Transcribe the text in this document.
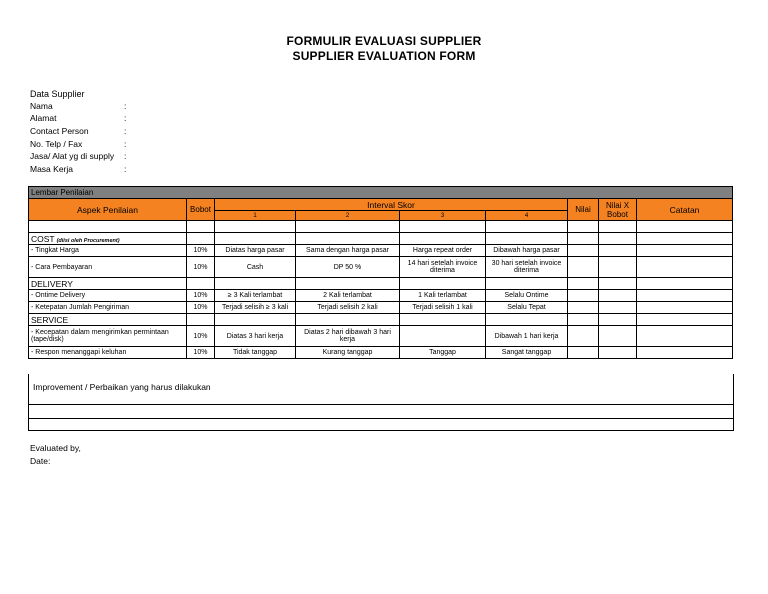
FORMULIR EVALUASI SUPPLIER
SUPPLIER EVALUATION FORM
Data Supplier
Nama	:
Alamat	:
Contact Person	:
No. Telp / Fax	:
Jasa/ Alat yg di supply :
Masa Kerja	:
Lembar Penilaian								
Aspek Penilaian	Bobot	Interval Skor				Nilai	Nilai X Bobot	Catatan
		1	2	3	4			

COST (diisi oleh Procurement)								
- Tingkat Harga	10%	Diatas harga pasar	Sama dengan harga pasar	Harga repeat order	Dibawah harga pasar			
- Cara Pembayaran	10%	Cash	DP 50 %	14 hari setelah invoice diterima	30 hari setelah invoice diterima			
DELIVERY								
- Ontime Delivery	10%	≥ 3 Kali terlambat	2 Kali terlambat	1 Kali terlambat	Selalu Ontime			
- Ketepatan Jumlah Pengiriman	10%	Terjadi selisih ≥ 3 kali	Terjadi selisih 2 kali	Terjadi selisih 1 kali	Selalu Tepat			
SERVICE								
- Kecepatan dalam mengirimkan permintaan (tape/disk)	10%	Diatas 3 hari kerja	Diatas 2 hari dibawah 3 hari kerja		Dibawah 1 hari kerja			
- Respon menanggapi keluhan	10%	Tidak tanggap	Kurang tanggap	Tanggap	Sangat tanggap			
Improvement / Perbaikan yang harus dilakukan
Evaluated by,
Date:
